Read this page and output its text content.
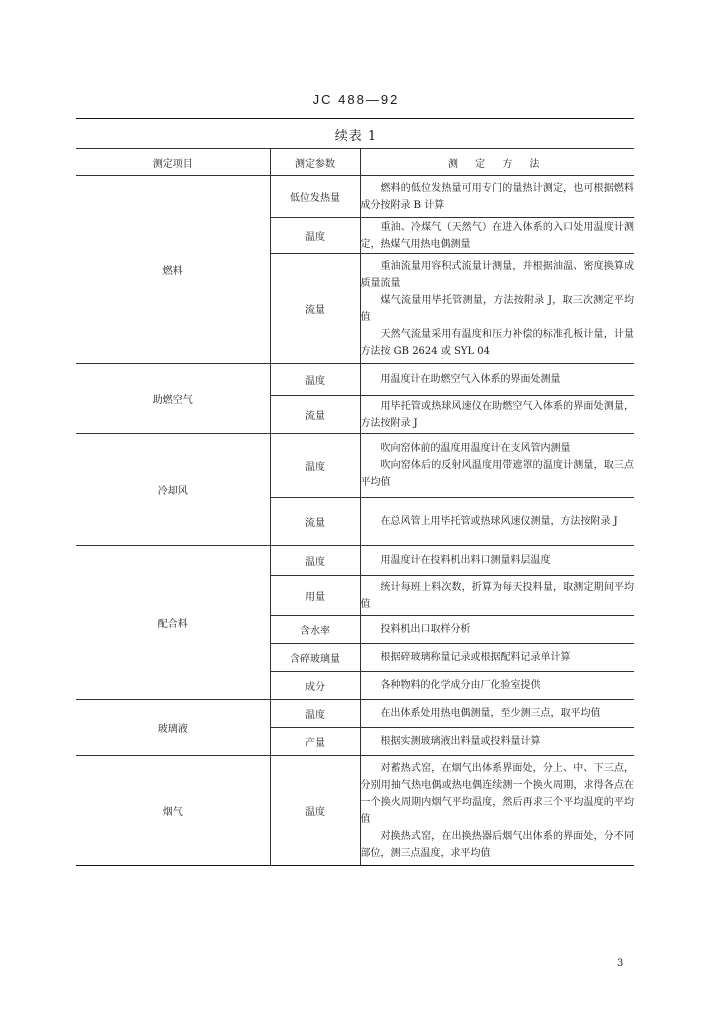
JC 488—92
续表 1
测定项目	测定参数	测 定 方 法
燃料	低位发热量	燃料的低位发热量可用专门的量热计测定，也可根据燃料成分按附录 B 计算

	温度	重油、冷煤气（天然气）在进入体系的入口处用温度计测定，热煤气用热电偶测量

	流量	重油流量用容积式流量计测量，并根据油温、密度换算成质量流量
煤气流量用毕托管测量，方法按附录 J，取三次测定平均值
天然气流量采用有温度和压力补偿的标准孔板计量，计量方法按 GB 2624 或 SYL 04

助燃空气	温度	用温度计在助燃空气入体系的界面处测量

	流量	用毕托管或热球风速仪在助燃空气入体系的界面处测量，方法按附录 J

冷却风	温度	吹向窑体前的温度用温度计在支风管内测量
吹向窑体后的反射风温度用带遮罩的温度计测量，取三点平均值

	流量	在总风管上用毕托管或热球风速仪测量，方法按附录 J

配合料	温度	用温度计在投料机出料口测量料层温度

	用量	统计每班上料次数，折算为每天投料量，取测定期间平均值

	含水率	投料机出口取样分析

	含碎玻璃量	根据碎玻璃称量记录或根据配料记录单计算

	成分	各种物料的化学成分由厂化验室提供

玻璃液	温度	在出体系处用热电偶测量，至少测三点，取平均值

	产量	根据实测玻璃液出料量或投料量计算

烟气	温度	对蓄热式窑，在烟气出体系界面处，分上、中、下三点，分别用抽气热电偶或热电偶连续测一个换火周期，求得各点在一个换火周期内烟气平均温度，然后再求三个平均温度的平均值
对换热式窑，在出换热器后烟气出体系的界面处，分不同部位，测三点温度，求平均值
3
